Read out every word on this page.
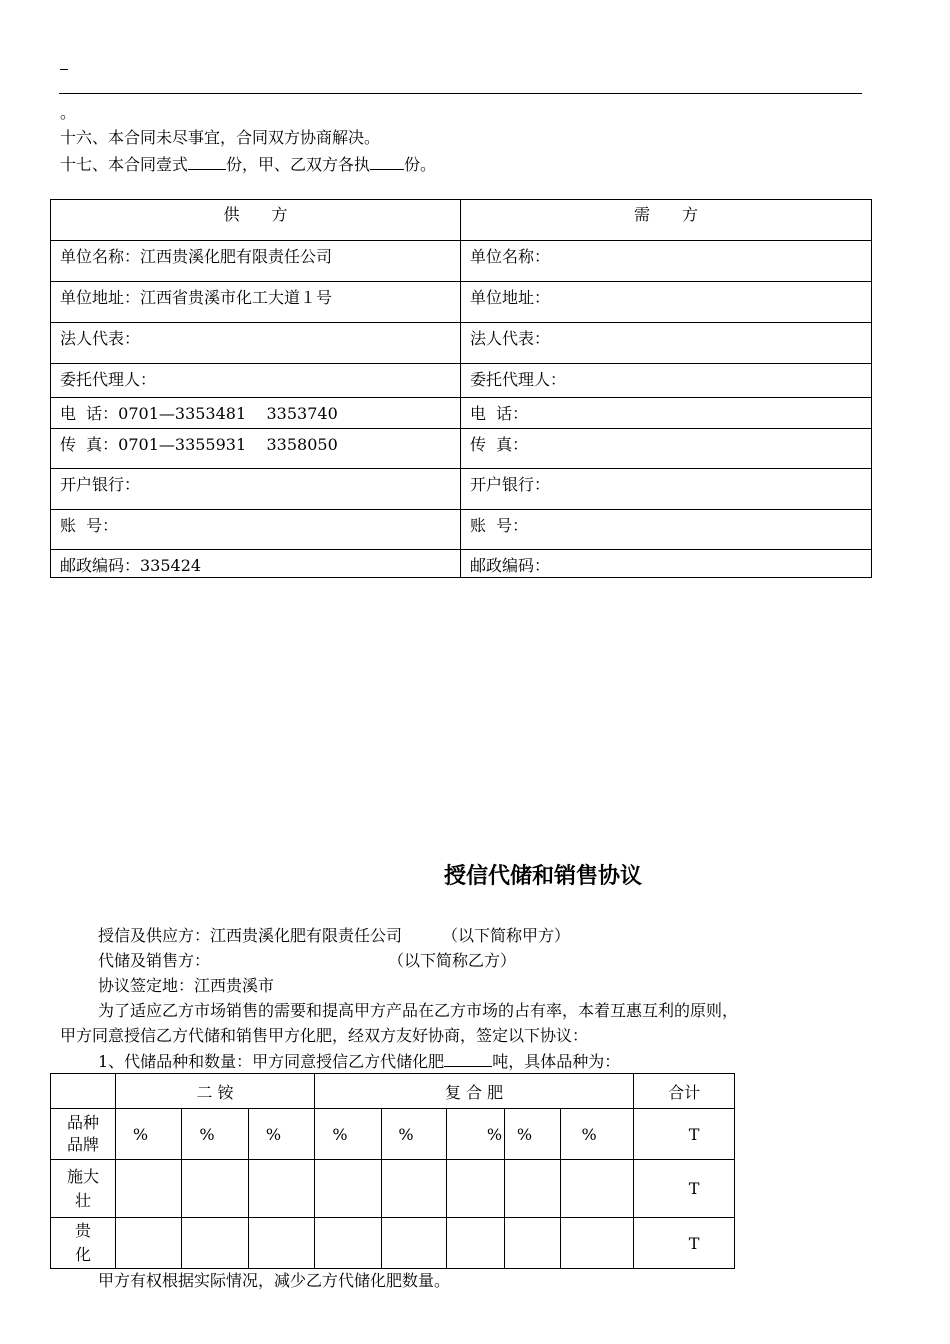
。
十六、本合同未尽事宜，合同双方协商解决。
十七、本合同壹式 份，甲、乙双方各执 份。
供　　方	需　　方
单位名称：江西贵溪化肥有限责任公司	单位名称：
单位地址：江西省贵溪市化工大道１号	单位地址：
法人代表：	法人代表：
委托代理人：	委托代理人：
电  话：0701—3353481    3353740	电  话：
传  真：0701—3355931    3358050	传  真：
开户银行：	开户银行：
账  号：	账  号：
邮政编码：335424	邮政编码：
授信代储和销售协议
授信及供应方：江西贵溪化肥有限责任公司	（以下简称甲方）
代储及销售方：	（以下简称乙方）
协议签定地：江西贵溪市
为了适应乙方市场销售的需要和提高甲方产品在乙方市场的占有率，本着互惠互利的原则，
甲方同意授信乙方代储和销售甲方化肥，经双方友好协商，签定以下协议：
1、代储品种和数量：甲方同意授信乙方代储化肥	吨，具体品种为：
	二 铵			复 合 肥					合计
品种
品牌	%	%	%	%	%	%	%	%	T
施大
壮									T
贵
化									T
甲方有权根据实际情况，减少乙方代储化肥数量。
